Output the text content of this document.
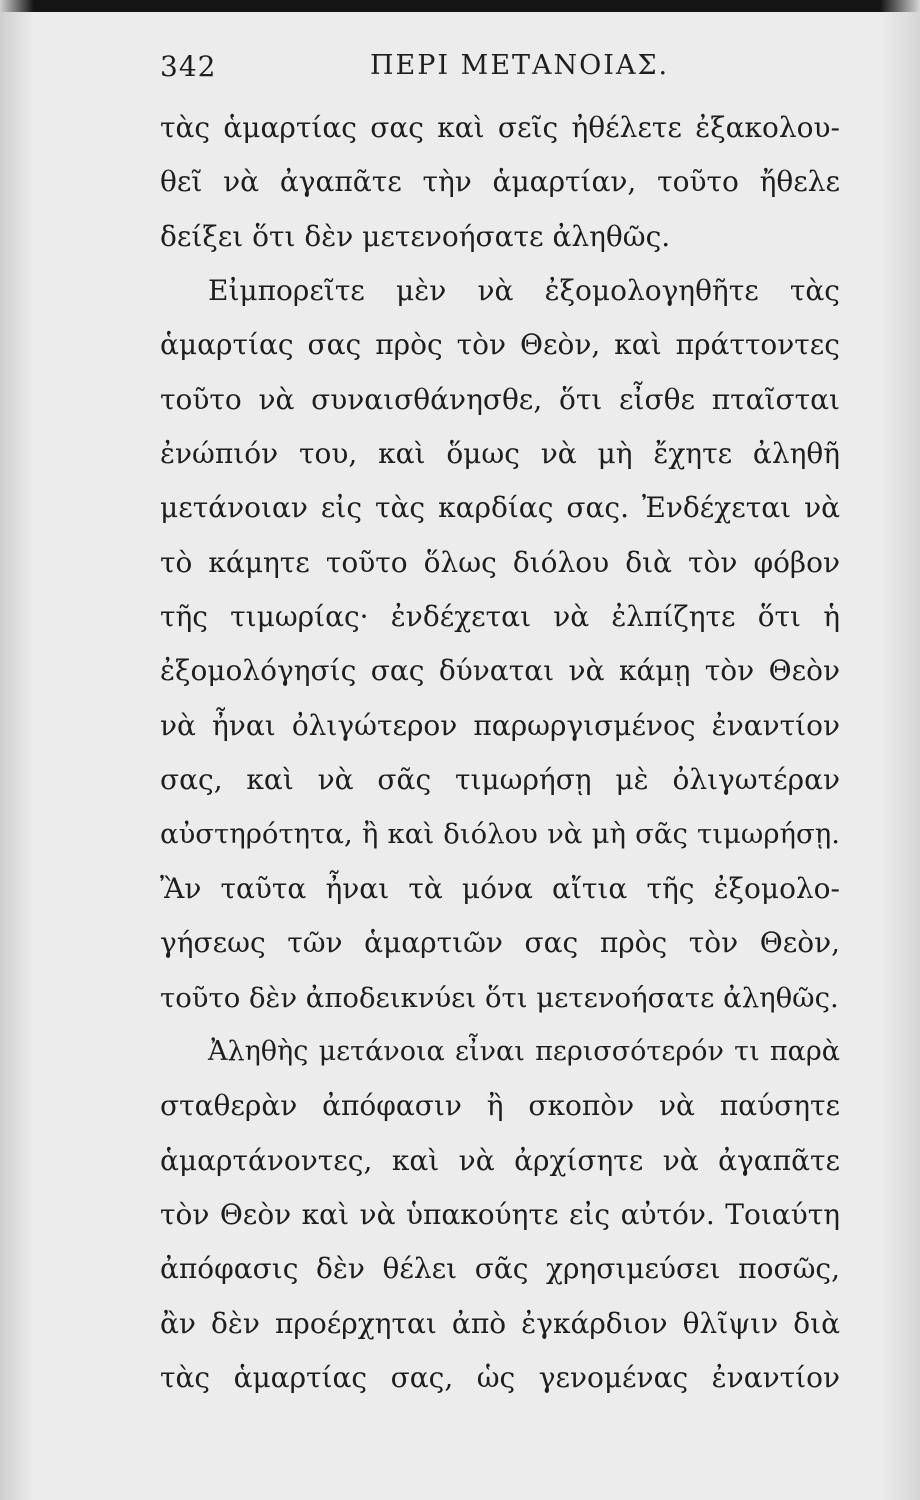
342	ΠΕΡΙ ΜΕΤΑΝΟΙΑΣ.
τὰς ἁμαρτίας σας καὶ σεῖς ἠθέλετε ἐξακολου-
θεῖ νὰ ἀγαπᾶτε τὴν ἁμαρτίαν, τοῦτο ἤθελε
δείξει ὅτι δὲν μετενοήσατε ἀληθῶς.
Εἰμπορεῖτε μὲν νὰ ἐξομολογηθῆτε τὰς
ἁμαρτίας σας πρὸς τὸν Θεὸν, καὶ πράττοντες
τοῦτο νὰ συναισθάνησθε, ὅτι εἶσθε πταῖσται
ἐνώπιόν του, καὶ ὅμως νὰ μὴ ἔχητε ἀληθῆ
μετάνοιαν εἰς τὰς καρδίας σας. Ἐνδέχεται νὰ
τὸ κάμητε τοῦτο ὅλως διόλου διὰ τὸν φόβον
τῆς τιμωρίας· ἐνδέχεται νὰ ἐλπίζητε ὅτι ἡ
ἐξομολόγησίς σας δύναται νὰ κάμῃ τὸν Θεὸν
νὰ ἦναι ὀλιγώτερον παρωργισμένος ἐναντίον
σας, καὶ νὰ σᾶς τιμωρήσῃ μὲ ὀλιγωτέραν
αὐστηρότητα, ἢ καὶ διόλου νὰ μὴ σᾶς τιμωρήσῃ.
Ἂν ταῦτα ἦναι τὰ μόνα αἴτια τῆς ἐξομολο-
γήσεως τῶν ἁμαρτιῶν σας πρὸς τὸν Θεὸν,
τοῦτο δὲν ἀποδεικνύει ὅτι μετενοήσατε ἀληθῶς.
Ἀληθὴς μετάνοια εἶναι περισσότερόν τι παρὰ
σταθερὰν ἀπόφασιν ἢ σκοπὸν νὰ παύσητε
ἁμαρτάνοντες, καὶ νὰ ἀρχίσητε νὰ ἀγαπᾶτε
τὸν Θεὸν καὶ νὰ ὑπακούητε εἰς αὐτόν. Τοιαύτη
ἀπόφασις δὲν θέλει σᾶς χρησιμεύσει ποσῶς,
ἂν δὲν προέρχηται ἀπὸ ἐγκάρδιον θλῖψιν διὰ
τὰς ἁμαρτίας σας, ὡς γενομένας ἐναντίον
